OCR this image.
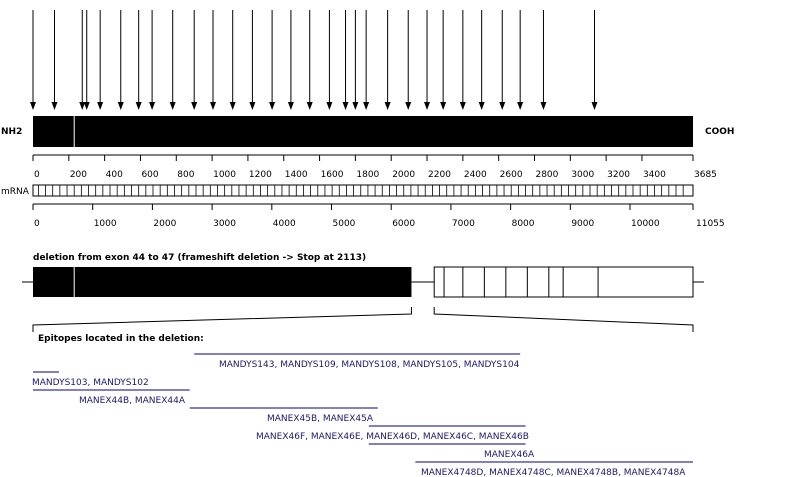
NH2	COOH
0	200 400 600 800 1000 1200 1400 1600 1800 2000 2200 2400 2600 2800 3000 3200 3400	3685
mRNA
0	1000	2000	3000	4000	5000	6000	7000	8000	9000	10000	11055
deletion from exon 44 to 47 (frameshift deletion -> Stop at 2113)
Epitopes located in the deletion:
MANDYS143, MANDYS109, MANDYS108, MANDYS105, MANDYS104
MANDYS103, MANDYS102
MANEX44B, MANEX44A
MANEX45B, MANEX45A
MANEX46F, MANEX46E, MANEX46D, MANEX46C, MANEX46B
MANEX46A
MANEX4748D, MANEX4748C, MANEX4748B, MANEX4748A
